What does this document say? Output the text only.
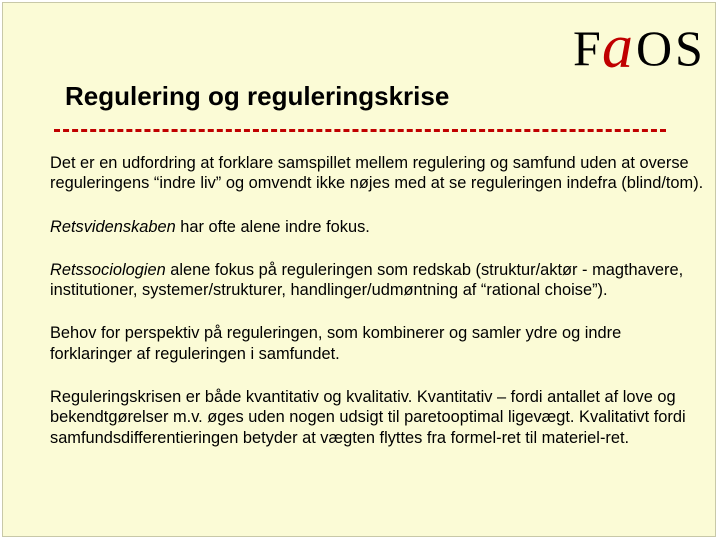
F a O S
Regulering og reguleringskrise

Det er en udfordring at forklare samspillet mellem regulering og samfund uden at overse reguleringens “indre liv” og omvendt ikke nøjes med at se reguleringen indefra (blind/tom).

Retsvidenskaben har ofte alene indre fokus.

Retssociologien alene fokus på reguleringen som redskab (struktur/aktør - magthavere, institutioner, systemer/strukturer, handlinger/udmøntning af “rational choise”).

Behov for perspektiv på reguleringen, som kombinerer og samler ydre og indre forklaringer af reguleringen i samfundet.

Reguleringskrisen er både kvantitativ og kvalitativ. Kvantitativ – fordi antallet af love og bekendtgørelser m.v. øges uden nogen udsigt til paretooptimal ligevægt. Kvalitativt fordi samfundsdifferentieringen betyder at vægten flyttes fra formel-ret til materiel-ret.
